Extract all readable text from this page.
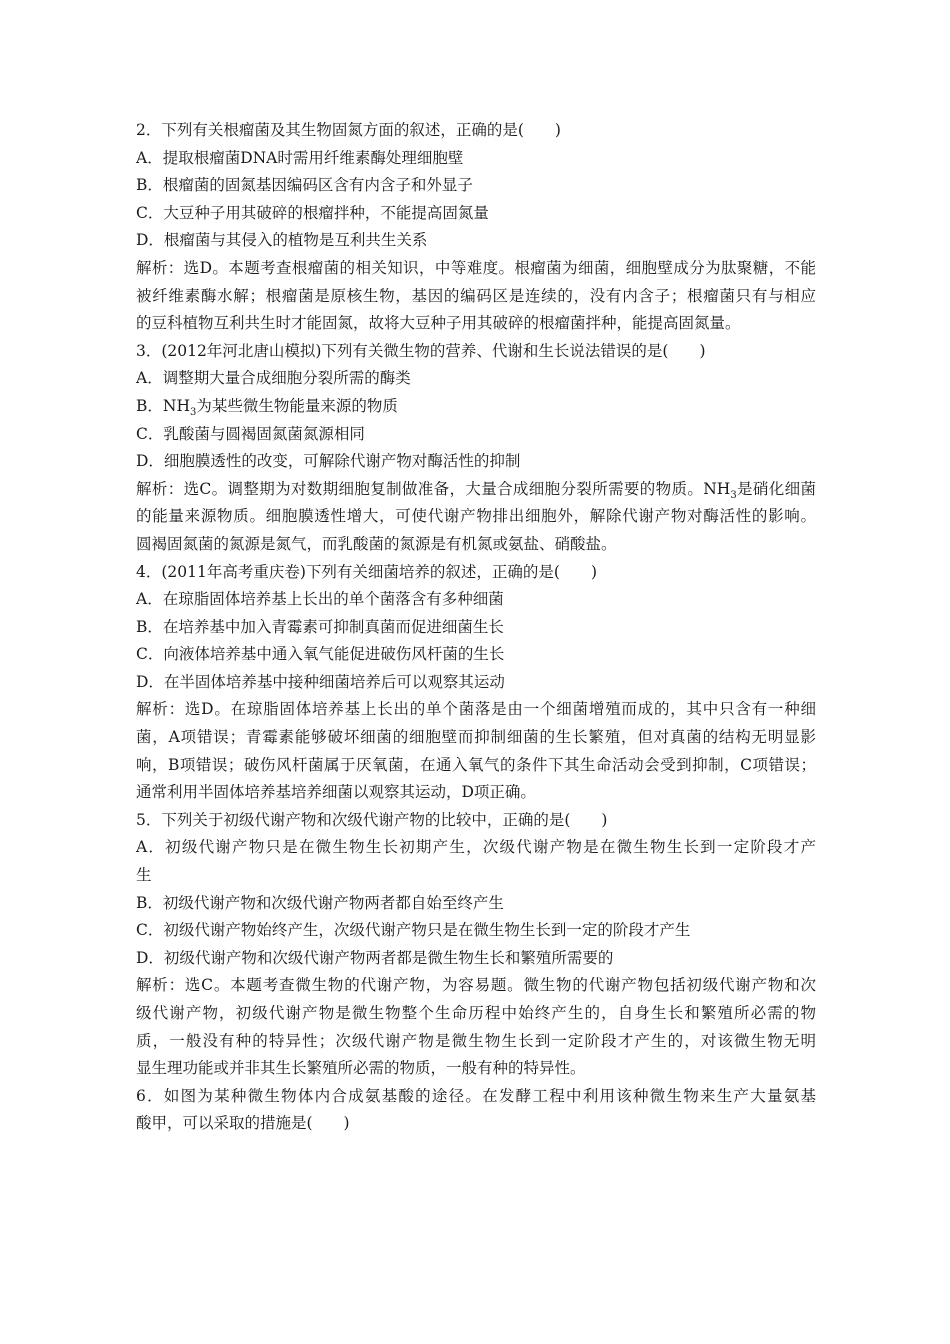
2．下列有关根瘤菌及其生物固氮方面的叙述，正确的是(　　)
A．提取根瘤菌DNA时需用纤维素酶处理细胞壁
B．根瘤菌的固氮基因编码区含有内含子和外显子
C．大豆种子用其破碎的根瘤拌种，不能提高固氮量
D．根瘤菌与其侵入的植物是互利共生关系
解析：选D。本题考查根瘤菌的相关知识，中等难度。根瘤菌为细菌，细胞壁成分为肽聚糖，不能
被纤维素酶水解；根瘤菌是原核生物，基因的编码区是连续的，没有内含子；根瘤菌只有与相应
的豆科植物互利共生时才能固氮，故将大豆种子用其破碎的根瘤菌拌种，能提高固氮量。
3．(2012年河北唐山模拟)下列有关微生物的营养、代谢和生长说法错误的是(　　)
A．调整期大量合成细胞分裂所需的酶类
B．$NH_3$为某些微生物能量来源的物质
C．乳酸菌与圆褐固氮菌氮源相同
D．细胞膜透性的改变，可解除代谢产物对酶活性的抑制
解析：选C。调整期为对数期细胞复制做准备，大量合成细胞分裂所需要的物质。$NH_3$是硝化细菌
的能量来源物质。细胞膜透性增大，可使代谢产物排出细胞外，解除代谢产物对酶活性的影响。
圆褐固氮菌的氮源是氮气，而乳酸菌的氮源是有机氮或氨盐、硝酸盐。
4．(2011年高考重庆卷)下列有关细菌培养的叙述，正确的是(　　)
A．在琼脂固体培养基上长出的单个菌落含有多种细菌
B．在培养基中加入青霉素可抑制真菌而促进细菌生长
C．向液体培养基中通入氧气能促进破伤风杆菌的生长
D．在半固体培养基中接种细菌培养后可以观察其运动
解析：选D。在琼脂固体培养基上长出的单个菌落是由一个细菌增殖而成的，其中只含有一种细
菌，A项错误；青霉素能够破坏细菌的细胞壁而抑制细菌的生长繁殖，但对真菌的结构无明显影
响，B项错误；破伤风杆菌属于厌氧菌，在通入氧气的条件下其生命活动会受到抑制，C项错误；
通常利用半固体培养基培养细菌以观察其运动，D项正确。
5．下列关于初级代谢产物和次级代谢产物的比较中，正确的是(　　)
A．初级代谢产物只是在微生物生长初期产生，次级代谢产物是在微生物生长到一定阶段才产
生
B．初级代谢产物和次级代谢产物两者都自始至终产生
C．初级代谢产物始终产生，次级代谢产物只是在微生物生长到一定的阶段才产生
D．初级代谢产物和次级代谢产物两者都是微生物生长和繁殖所需要的
解析：选C。本题考查微生物的代谢产物，为容易题。微生物的代谢产物包括初级代谢产物和次
级代谢产物，初级代谢产物是微生物整个生命历程中始终产生的，自身生长和繁殖所必需的物
质，一般没有种的特异性；次级代谢产物是微生物生长到一定阶段才产生的，对该微生物无明
显生理功能或并非其生长繁殖所必需的物质，一般有种的特异性。
6．如图为某种微生物体内合成氨基酸的途径。在发酵工程中利用该种微生物来生产大量氨基
酸甲，可以采取的措施是(　　)
